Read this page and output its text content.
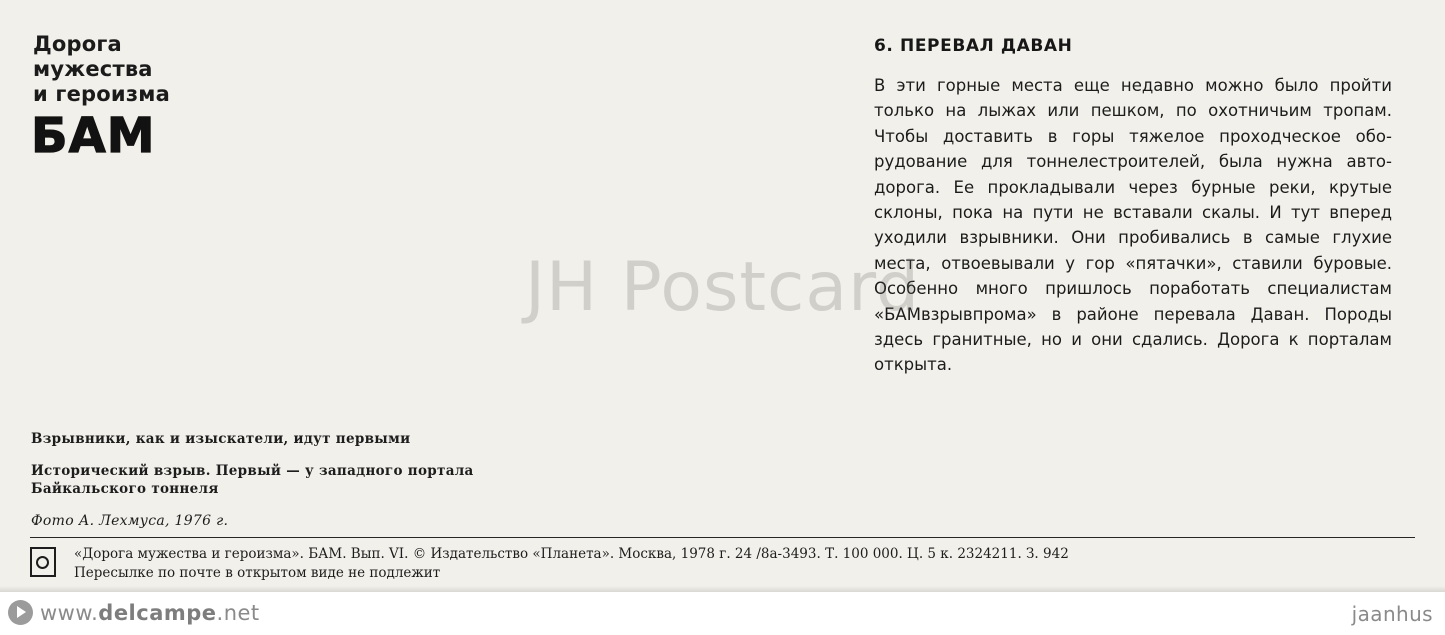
Дорога
мужества
и героизма
БАМ
6. ПЕРЕВАЛ ДАВАН
В эти горные места еще недавно можно было пройти только на лыжах или пешком, по охотничьим тропам. Чтобы доставить в горы тяжелое проходческое оборудование для тоннелестроителей, была нужна автодорога. Ее прокладывали через бурные реки, крутые склоны, пока на пути не вставали скалы. И тут вперед уходили взрывники. Они пробивались в самые глухие места, отвоевывали у гор «пятачки», ставили буровые. Особенно много пришлось поработать специалистам «БАМвзрывпрома» в районе перевала Даван. Породы здесь гранитные, но и они сдались. Дорога к порталам открыта.
Взрывники, как и изыскатели, идут первыми
Исторический взрыв. Первый — у западного портала Байкальского тоннеля
Фото А. Лехмуса, 1976 г.
«Дорога мужества и героизма». БАМ. Вып. VI. © Издательство «Планета». Москва, 1978 г. 24 /8а-3493. Т. 100 000. Ц. 5 к. 2324211. З. 942
Пересылке по почте в открытом виде не подлежит
JH Postcard
www.delcampe.net	jaanhus
